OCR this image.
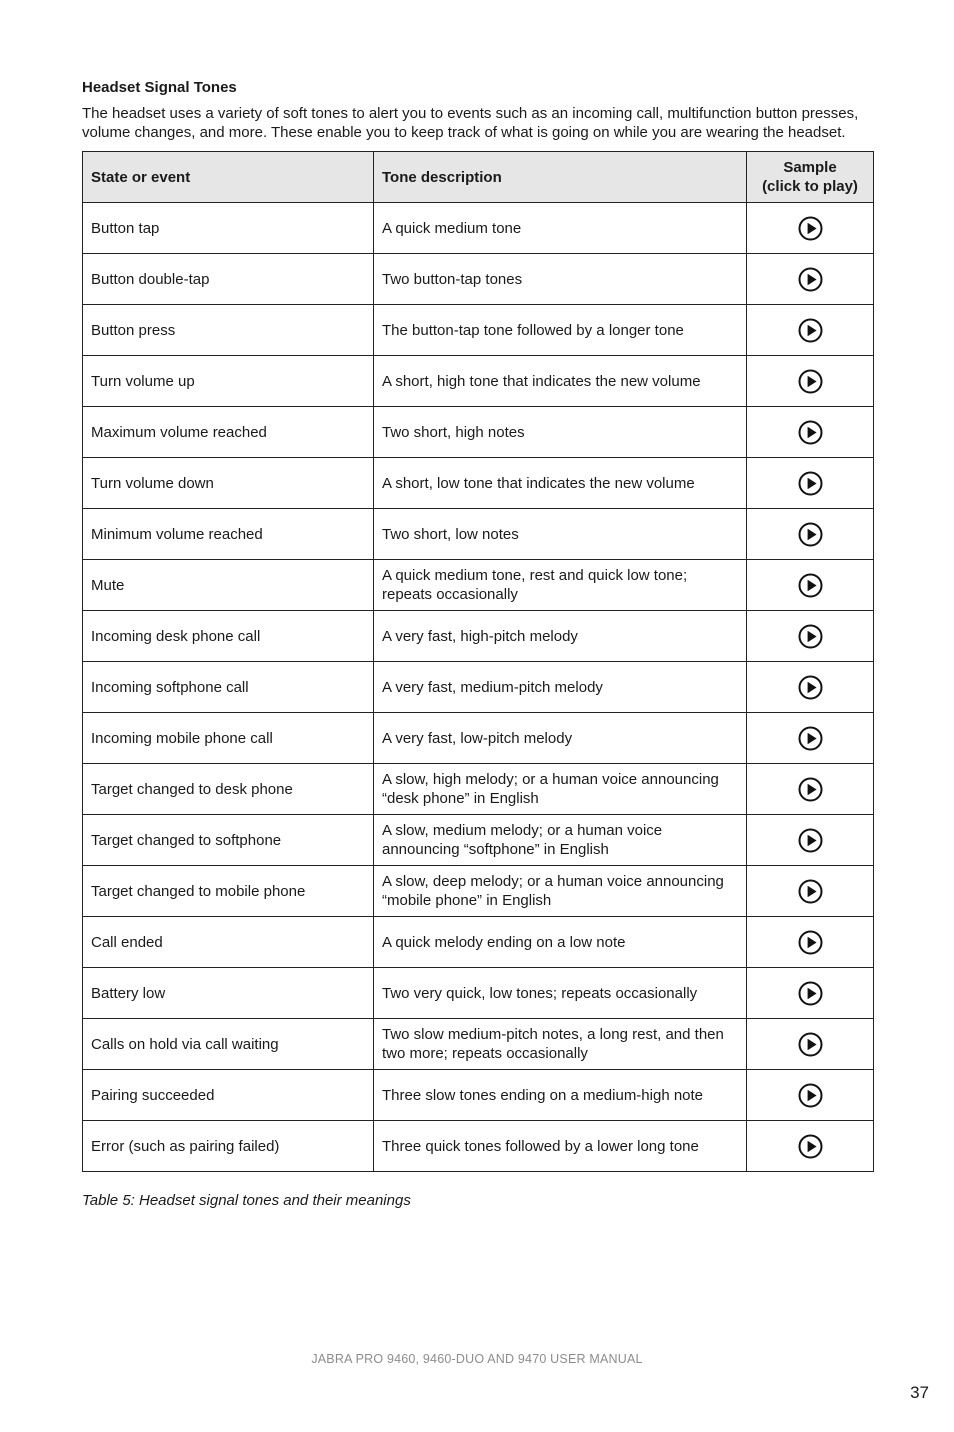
Headset Signal Tones
The headset uses a variety of soft tones to alert you to events such as an incoming call, multifunction button presses, volume changes, and more. These enable you to keep track of what is going on while you are wearing the headset.
State or event	Tone description	Sample
(click to play)
Button tap	A quick medium tone	

Button double-tap	Two button-tap tones	

Button press	The button-tap tone followed by a longer tone	

Turn volume up	A short, high tone that indicates the new volume	

Maximum volume reached	Two short, high notes	

Turn volume down	A short, low tone that indicates the new volume	

Minimum volume reached	Two short, low notes	

Mute	A quick medium tone, rest and quick low tone; repeats occasionally	

Incoming desk phone call	A very fast, high-pitch melody	

Incoming softphone call	A very fast, medium-pitch melody	

Incoming mobile phone call	A very fast, low-pitch melody	

Target changed to desk phone	A slow, high melody; or a human voice announcing “desk phone” in English	

Target changed to softphone	A slow, medium melody; or a human voice announcing “softphone” in English	

Target changed to mobile phone	A slow, deep melody; or a human voice announcing “mobile phone” in English	

Call ended	A quick melody ending on a low note	

Battery low	Two very quick, low tones; repeats occasionally	

Calls on hold via call waiting	Two slow medium-pitch notes, a long rest, and then two more; repeats occasionally	

Pairing succeeded	Three slow tones ending on a medium-high note	

Error (such as pairing failed)	Three quick tones followed by a lower long tone	
Table 5: Headset signal tones and their meanings
JABRA PRO 9460, 9460-DUO AND 9470 USER MANUAL
37
